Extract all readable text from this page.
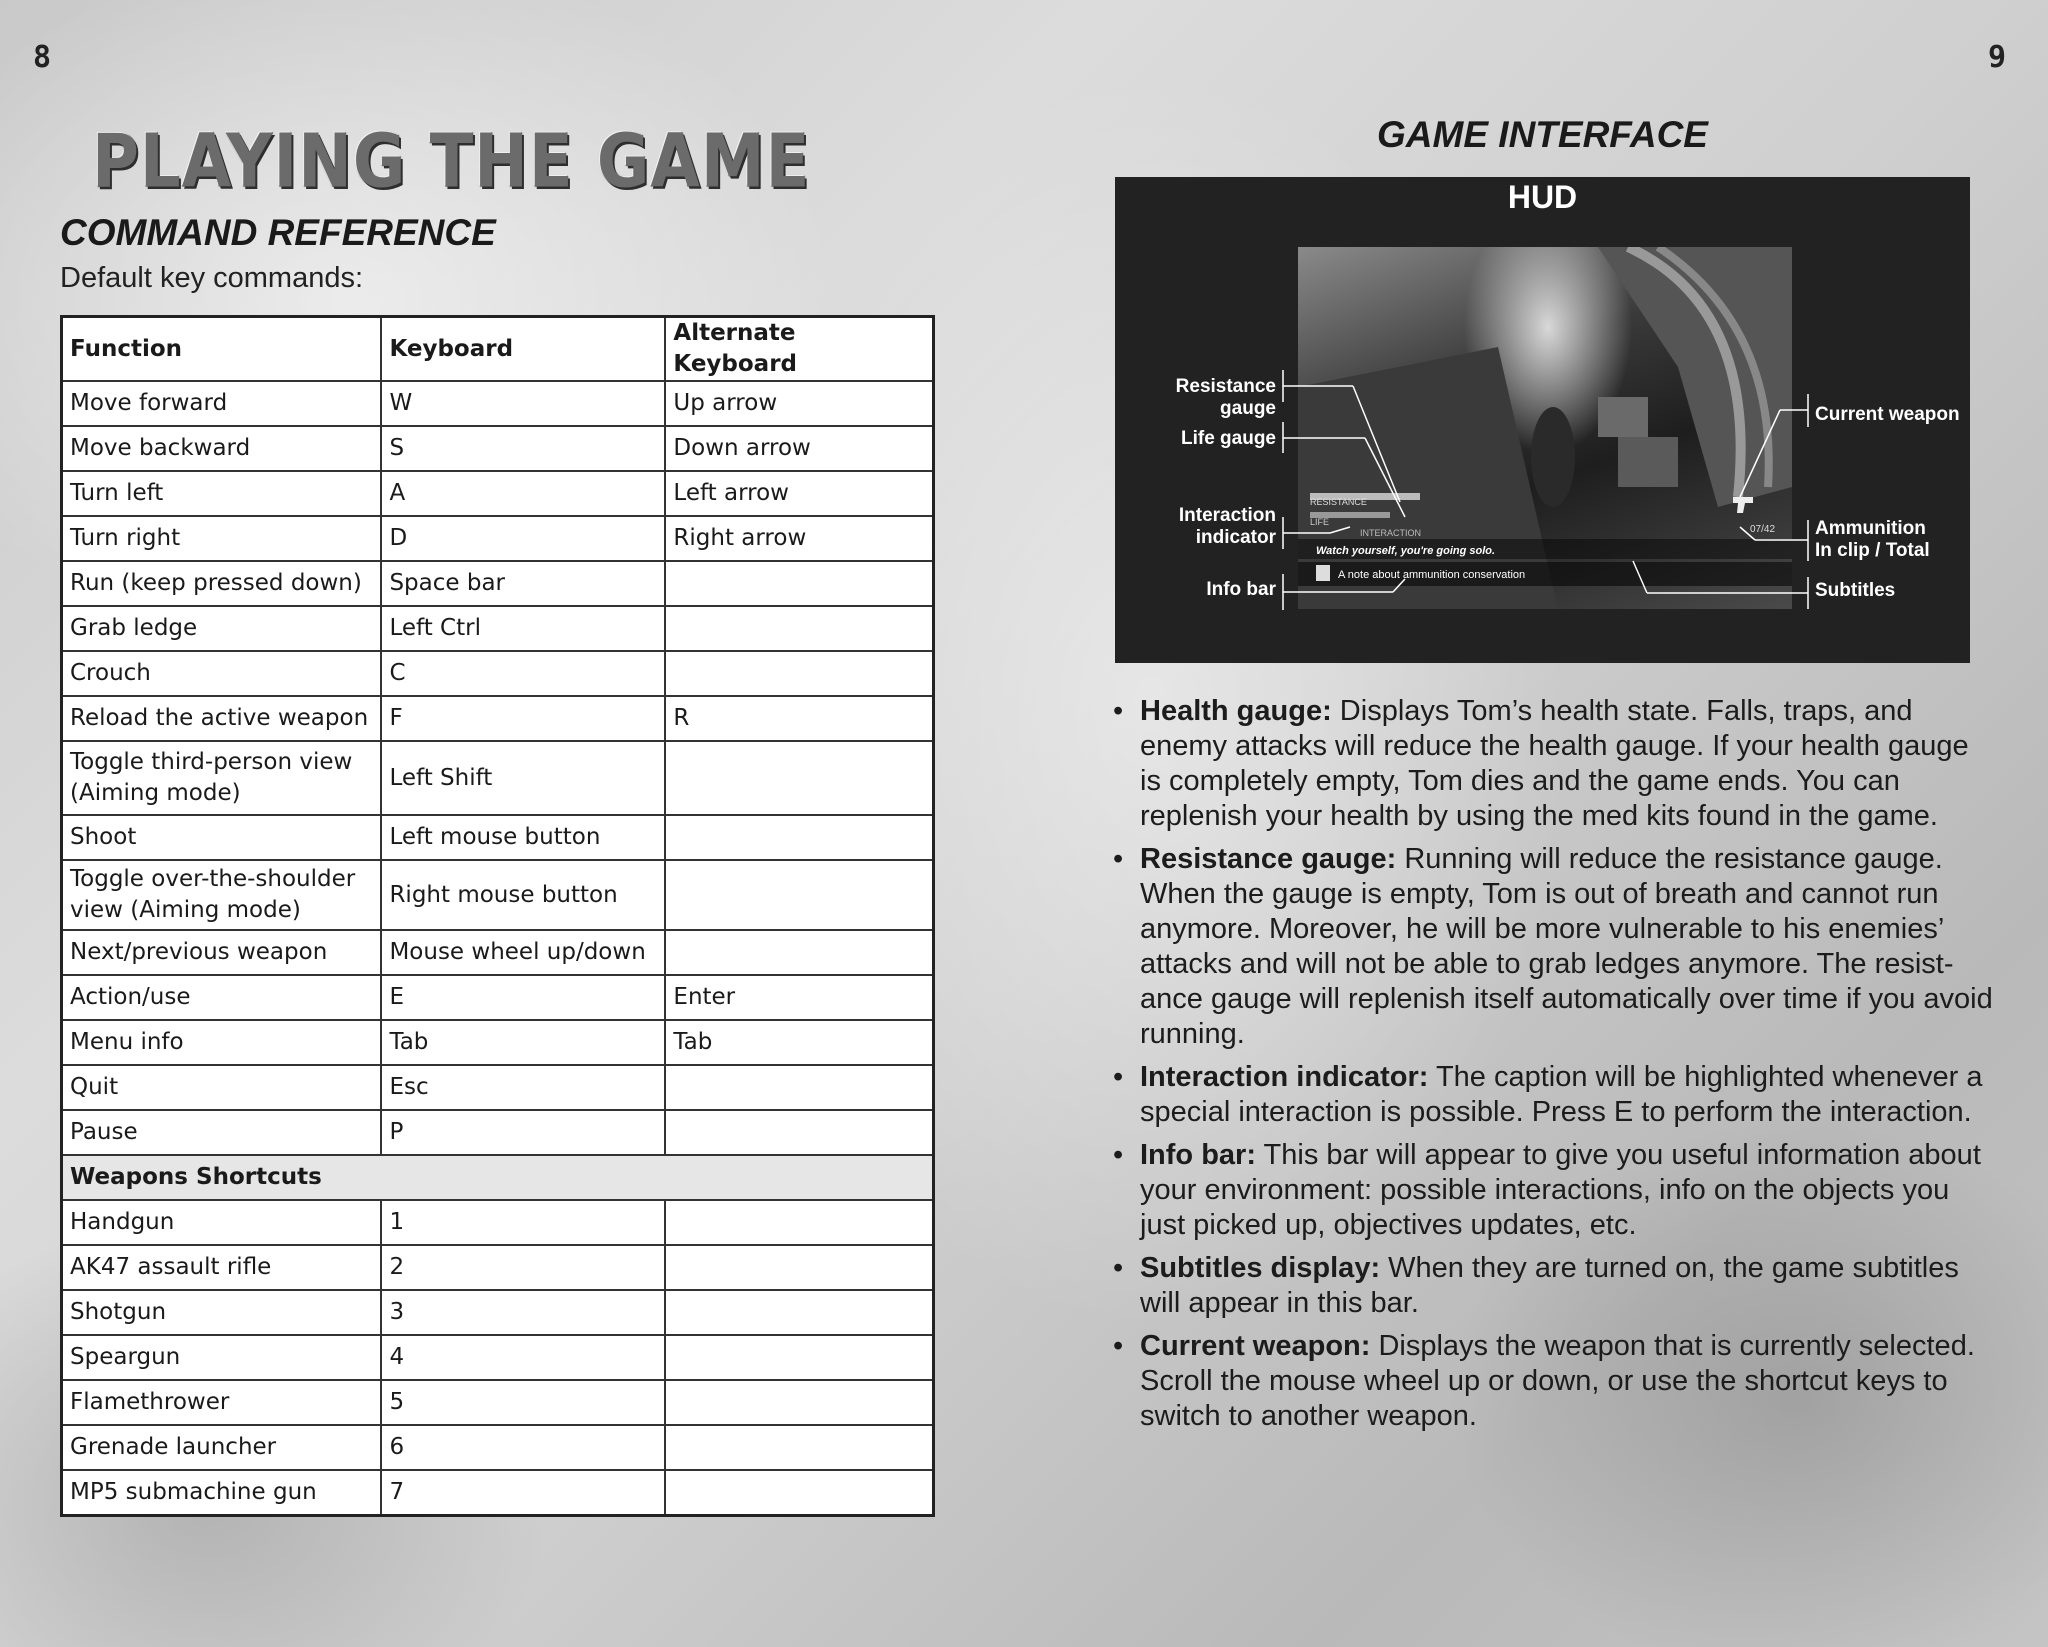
8	9
PLAYING THE GAME
COMMAND REFERENCE
Default key commands:
Function	Keyboard	Alternate Keyboard
Move forward	W	Up arrow
Move backward	S	Down arrow
Turn left	A	Left arrow
Turn right	D	Right arrow
Run (keep pressed down)	Space bar	
Grab ledge	Left Ctrl	
Crouch	C	
Reload the active weapon	F	R
Toggle third-person view (Aiming mode)	Left Shift	
Shoot	Left mouse button	
Toggle over-the-shoulder view (Aiming mode)	Right mouse button	
Next/previous weapon	Mouse wheel up/down	
Action/use	E	Enter
Menu info	Tab	Tab
Quit	Esc	
Pause	P	
Weapons Shortcuts		
Handgun	1	
AK47 assault rifle	2	
Shotgun	3	
Speargun	4	
Flamethrower	5	
Grenade launcher	6	
MP5 submachine gun	7	
GAME INTERFACE
HUD
RESISTANCE
LIFE
INTERACTION	07/42
Watch yourself, you're going solo.
A note about ammunition conservation
Resistance gauge
Life gauge
Interaction
indicator
Info bar
Current weapon
Ammunition
In clip / Total
Subtitles
• Health gauge: Displays Tom’s health state. Falls, traps, and enemy attacks will reduce the health gauge. If your health gauge is completely empty, Tom dies and the game ends. You can replenish your health by using the med kits found in the game.
• Resistance gauge: Running will reduce the resistance gauge. When the gauge is empty, Tom is out of breath and cannot run anymore. Moreover, he will be more vulnerable to his enemies’ attacks and will not be able to grab ledges anymore. The resistance gauge will replenish itself automatically over time if you avoid running.
• Interaction indicator: The caption will be highlighted whenever a special interaction is possible. Press E to perform the interaction.
• Info bar: This bar will appear to give you useful information about your environment: possible interactions, info on the objects you just picked up, objectives updates, etc.
• Subtitles display: When they are turned on, the game subtitles will appear in this bar.
• Current weapon: Displays the weapon that is currently selected. Scroll the mouse wheel up or down, or use the shortcut keys to switch to another weapon.
